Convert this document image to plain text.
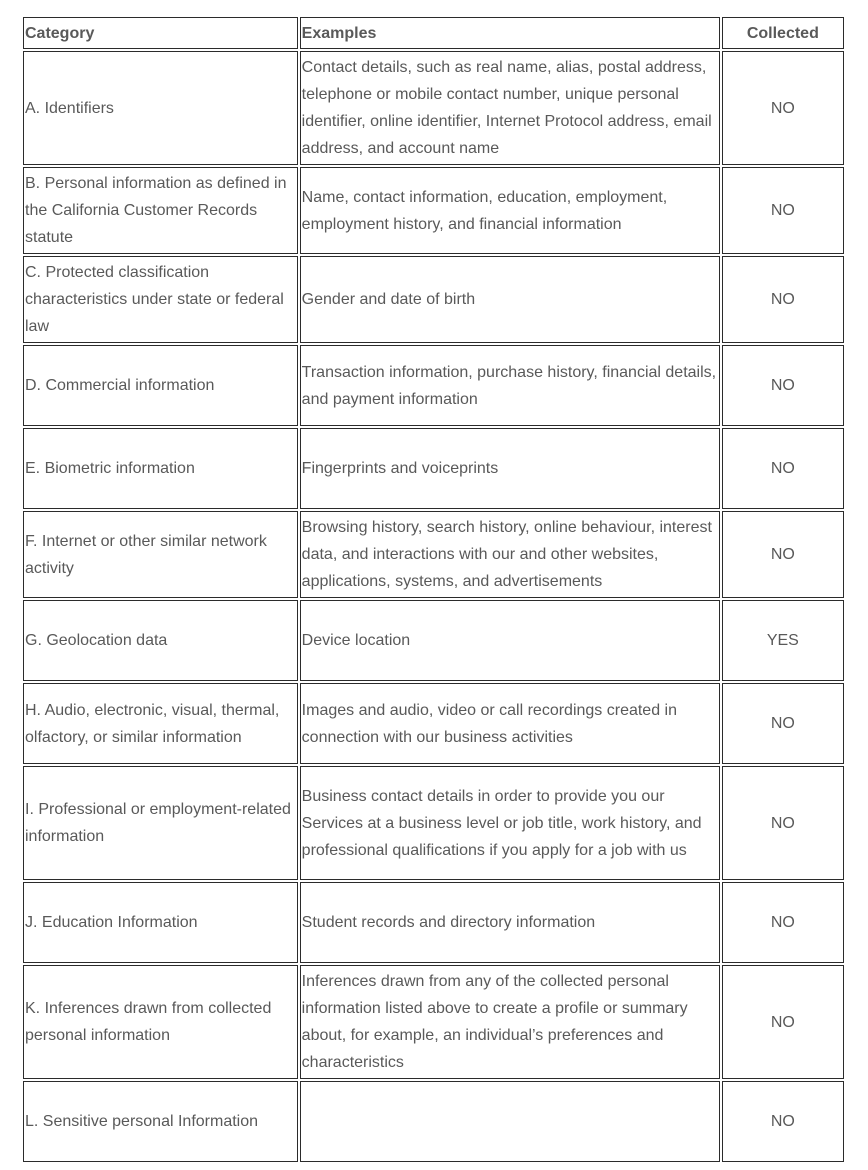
Category	Examples	Collected
A. Identifiers	Contact details, such as real name, alias, postal address, telephone or mobile contact number, unique personal identifier, online identifier, Internet Protocol address, email address, and account name	NO
B. Personal information as defined in the California Customer Records statute	Name, contact information, education, employment, employment history, and financial information	NO
C. Protected classification characteristics under state or federal law	Gender and date of birth	NO
D. Commercial information	Transaction information, purchase history, financial details, and payment information	NO
E. Biometric information	Fingerprints and voiceprints	NO
F. Internet or other similar network activity	Browsing history, search history, online behaviour, interest data, and interactions with our and other websites, applications, systems, and advertisements	NO
G. Geolocation data	Device location	YES
H. Audio, electronic, visual, thermal, olfactory, or similar information	Images and audio, video or call recordings created in connection with our business activities	NO
I. Professional or employment-related information	Business contact details in order to provide you our Services at a business level or job title, work history, and professional qualifications if you apply for a job with us	NO
J. Education Information	Student records and directory information	NO
K. Inferences drawn from collected personal information	Inferences drawn from any of the collected personal information listed above to create a profile or summary about, for example, an individual’s preferences and characteristics	NO
L. Sensitive personal Information		NO
